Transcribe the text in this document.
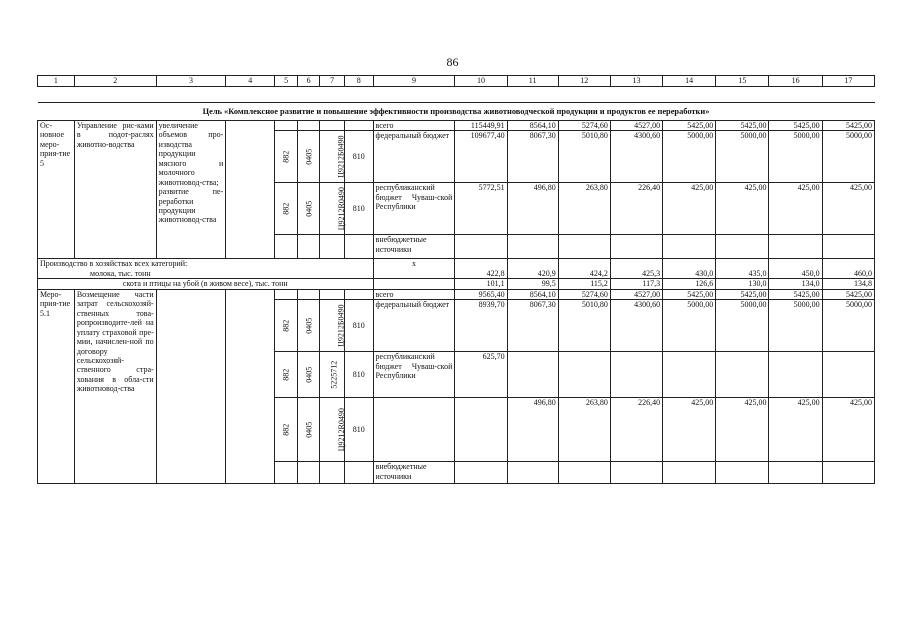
86
1	2	3	4	5	6	7	8	9	10	11	12	13	14	15	16	17

Цель «Комплексное развитие и повышение эффективности производства животноводческой продукции и продуктов ее переработки»																
Ос-новное меро-прия-тие 5	Управление рис-ками в подот-раслях животно-водства	увеличение объемов про-изводства продукции мясного и молочного животновод-ства; развитие пе-реработки продукции животновод-ства						всего	115449,91	8564,10	5274,60	4527,00	5425,00	5425,00	5425,00	5425,00
				882	0405	Ц9212Б0490	810	федеральный бюджет	109677,40	8067,30	5010,80	4300,60	5000,00	5000,00	5000,00	5000,00
				882	0405	Ц9212R0490	810	республиканский бюджет Чуваш-ской Республики	5772,51	496,80	263,80	226,40	425,00	425,00	425,00	425,00
								внебюджетные источники								
Производство в хозяйствах всех категорий:								x								
молока, тыс. тонн									422,8	420,9	424,2	425,3	430,0	435,0	450,0	460,0
скота и птицы на убой (в живом весе), тыс. тонн									101,1	99,5	115,2	117,3	126,6	130,0	134,0	134,8
Меро-прия-тие 5.1	Возмещение части затрат сельскохозяй-ственных това-ропроизводите-лей на уплату страховой пре-мии, начислен-ной по договору сельскохозяй-ственного стра-хования в обла-сти животновод-ства							всего	9565,40	8564,10	5274,60	4527,00	5425,00	5425,00	5425,00	5425,00
				882	0405	Ц9212Б0490	810	федеральный бюджет	8939,70	8067,30	5010,80	4300,60	5000,00	5000,00	5000,00	5000,00
				882	0405	5225712	810	республиканский бюджет Чуваш-ской Республики	625,70							
				882	0405	Ц9212R0490	810			496,80	263,80	226,40	425,00	425,00	425,00	425,00
								внебюджетные источники								
